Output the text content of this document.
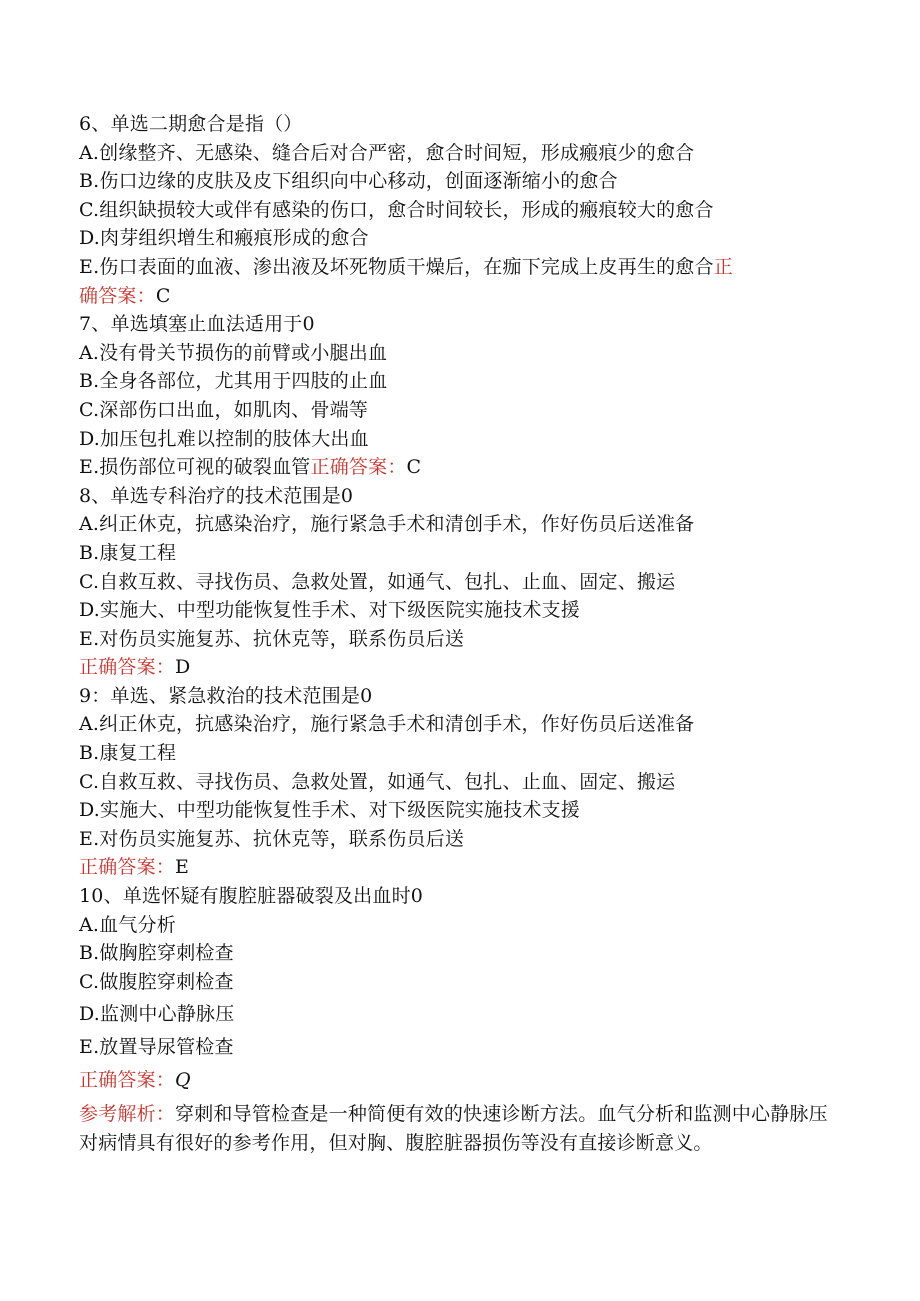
6、单选二期愈合是指（）
A.创缘整齐、无感染、缝合后对合严密，愈合时间短，形成瘢痕少的愈合
B.伤口边缘的皮肤及皮下组织向中心移动，创面逐渐缩小的愈合
C.组织缺损较大或伴有感染的伤口，愈合时间较长，形成的瘢痕较大的愈合
D.肉芽组织增生和瘢痕形成的愈合
E.伤口表面的血液、渗出液及坏死物质干燥后，在痂下完成上皮再生的愈合正
确答案：C
7、单选填塞止血法适用于0
A.没有骨关节损伤的前臂或小腿出血
B.全身各部位，尤其用于四肢的止血
C.深部伤口出血，如肌肉、骨端等
D.加压包扎难以控制的肢体大出血
E.损伤部位可视的破裂血管正确答案：C
8、单选专科治疗的技术范围是0
A.纠正休克，抗感染治疗，施行紧急手术和清创手术，作好伤员后送准备
B.康复工程
C.自救互救、寻找伤员、急救处置，如通气、包扎、止血、固定、搬运
D.实施大、中型功能恢复性手术、对下级医院实施技术支援
E.对伤员实施复苏、抗休克等，联系伤员后送
正确答案：D
9：单选、紧急救治的技术范围是0
A.纠正休克，抗感染治疗，施行紧急手术和清创手术，作好伤员后送准备
B.康复工程
C.自救互救、寻找伤员、急救处置，如通气、包扎、止血、固定、搬运
D.实施大、中型功能恢复性手术、对下级医院实施技术支援
E.对伤员实施复苏、抗休克等，联系伤员后送
正确答案：E
10、单选怀疑有腹腔脏器破裂及出血时0
A.血气分析
B.做胸腔穿刺检查
C.做腹腔穿刺检查
D.监测中心静脉压
E.放置导尿管检查
正确答案：Q
参考解析：穿刺和导管检查是一种简便有效的快速诊断方法。血气分析和监测中心静脉压对病情具有很好的参考作用，但对胸、腹腔脏器损伤等没有直接诊断意义。
